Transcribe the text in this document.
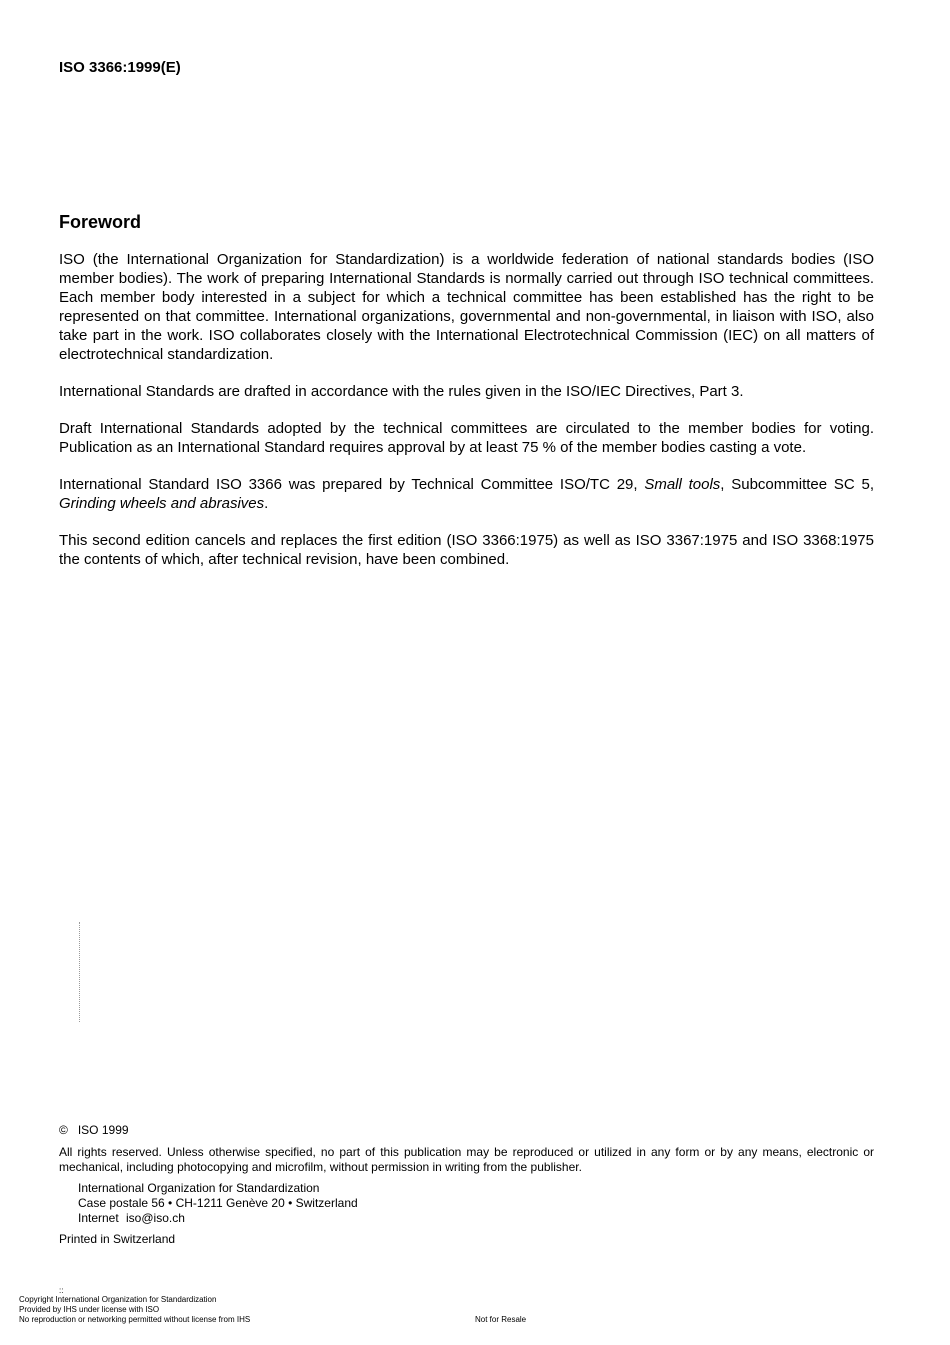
ISO 3366:1999(E)
Foreword

ISO (the International Organization for Standardization) is a worldwide federation of national standards bodies (ISO member bodies). The work of preparing International Standards is normally carried out through ISO technical committees. Each member body interested in a subject for which a technical committee has been established has the right to be represented on that committee. International organizations, governmental and non-governmental, in liaison with ISO, also take part in the work. ISO collaborates closely with the International Electrotechnical Commission (IEC) on all matters of electrotechnical standardization.

International Standards are drafted in accordance with the rules given in the ISO/IEC Directives, Part 3.

Draft International Standards adopted by the technical committees are circulated to the member bodies for voting. Publication as an International Standard requires approval by at least 75 % of the member bodies casting a vote.

International Standard ISO 3366 was prepared by Technical Committee ISO/TC 29, Small tools, Subcommittee SC 5, Grinding wheels and abrasives.

This second edition cancels and replaces the first edition (ISO 3366:1975) as well as ISO 3367:1975 and ISO 3368:1975 the contents of which, after technical revision, have been combined.

© ISO 1999

All rights reserved. Unless otherwise specified, no part of this publication may be reproduced or utilized in any form or by any means, electronic or mechanical, including photocopying and microfilm, without permission in writing from the publisher.

International Organization for Standardization
Case postale 56 • CH-1211 Genève 20 • Switzerland
Internet iso@iso.ch
Printed in Switzerland
::
Copyright International Organization for Standardization
Provided by IHS under license with ISO
No reproduction or networking permitted without license from IHS	Not for Resale
